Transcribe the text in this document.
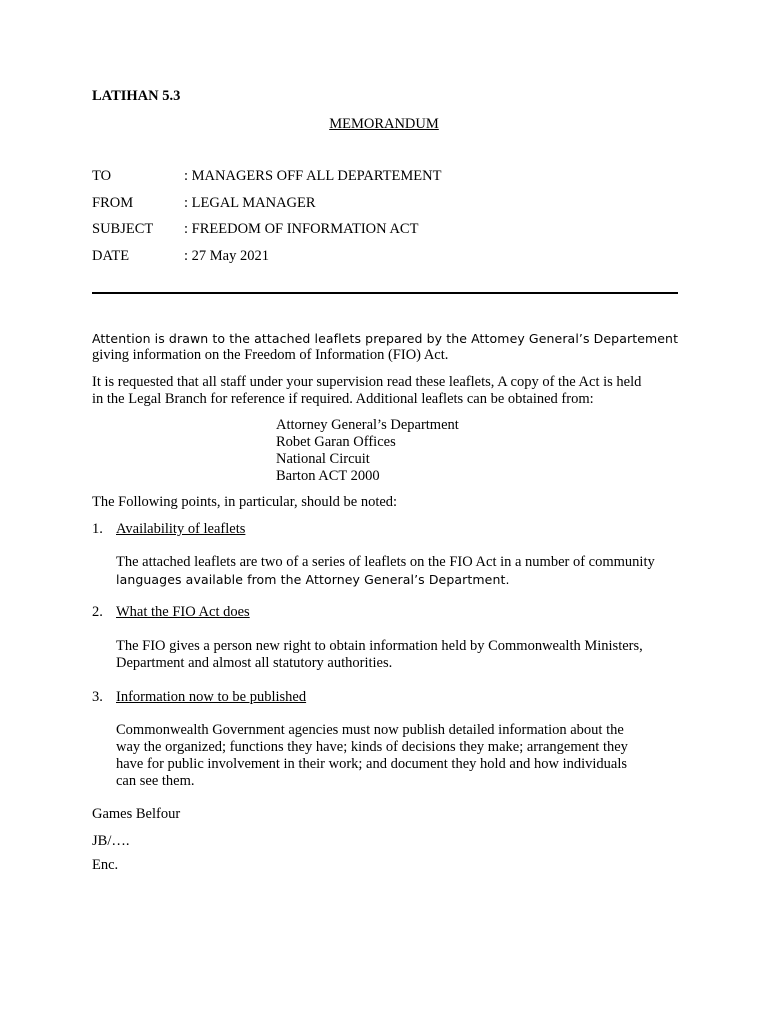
LATIHAN 5.3
MEMORANDUM
TO	: MANAGERS OFF ALL DEPARTEMENT
FROM	: LEGAL MANAGER
SUBJECT : FREEDOM OF INFORMATION ACT
DATE	: 27 May 2021
Attention is drawn to the attached leaflets prepared by the Attomey General’s Departement
giving information on the Freedom of Information (FIO) Act.
It is requested that all staff under your supervision read these leaflets, A copy of the Act is held
in the Legal Branch for reference if required. Additional leaflets can be obtained from:
Attorney General’s Department
Robet Garan Offices
National Circuit
Barton ACT 2000
The Following points, in particular, should be noted:
1. Availability of leaflets
The attached leaflets are two of a series of leaflets on the FIO Act in a number of community
languages available from the Attorney General’s Department.
2. What the FIO Act does
The FIO gives a person new right to obtain information held by Commonwealth Ministers,
Department and almost all statutory authorities.
3. Information now to be published
Commonwealth Government agencies must now publish detailed information about the
way the organized; functions they have; kinds of decisions they make; arrangement they
have for public involvement in their work; and document they hold and how individuals
can see them.
Games Belfour
JB/….
Enc.
